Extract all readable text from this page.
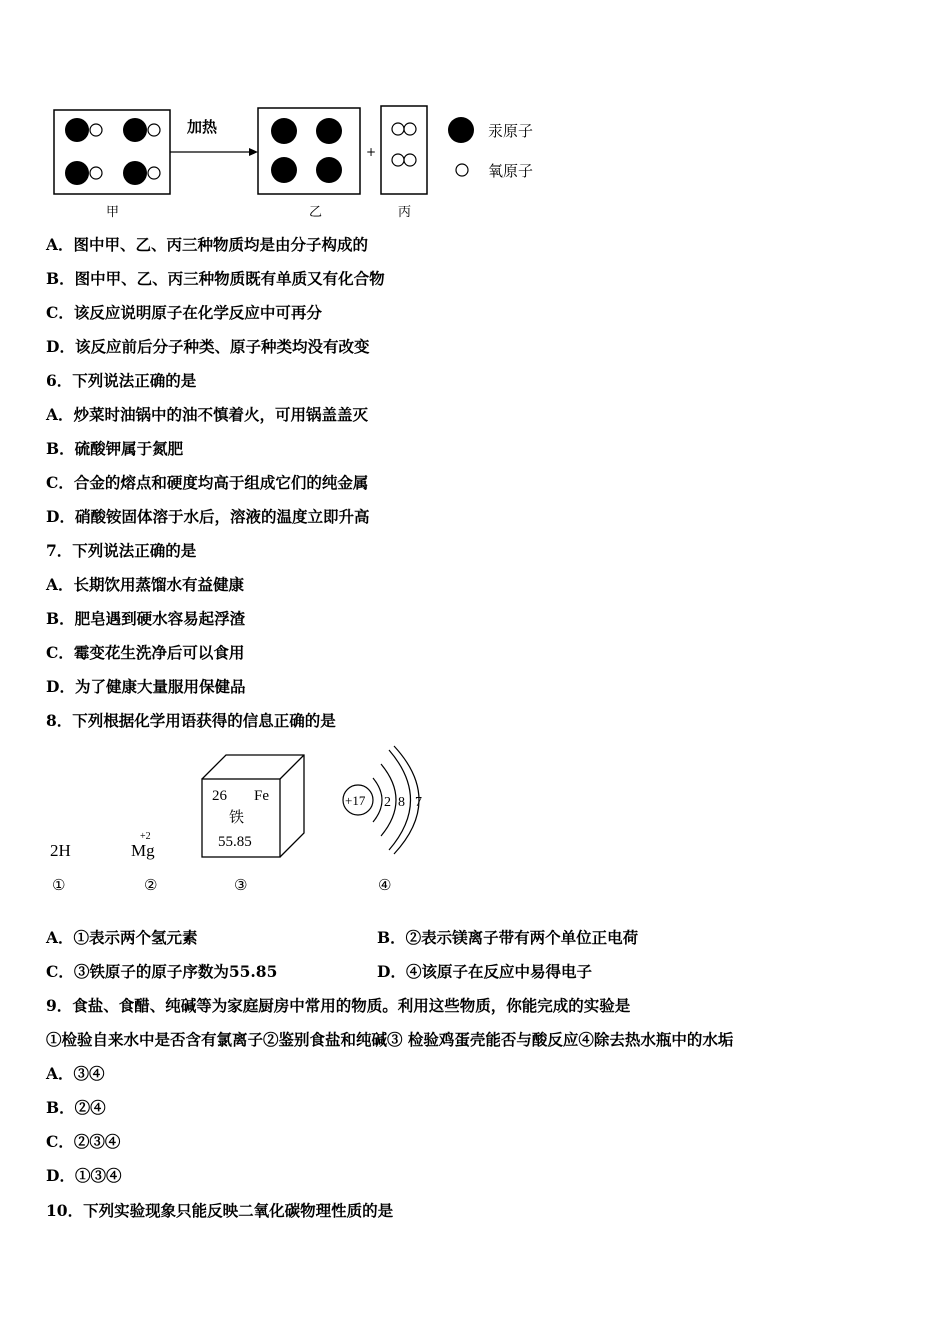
加热
+
汞原子
氧原子
甲	乙	丙
A．图中甲、乙、丙三种物质均是由分子构成的
B．图中甲、乙、丙三种物质既有单质又有化合物
C．该反应说明原子在化学反应中可再分
D．该反应前后分子种类、原子种类均没有改变
6．下列说法正确的是
A．炒菜时油锅中的油不慎着火，可用锅盖盖灭
B．硫酸钾属于氮肥
C．合金的熔点和硬度均高于组成它们的纯金属
D．硝酸铵固体溶于水后，溶液的温度立即升高
7．下列说法正确的是
A．长期饮用蒸馏水有益健康
B．肥皂遇到硬水容易起浮渣
C．霉变花生洗净后可以食用
D．为了健康大量服用保健品
8．下列根据化学用语获得的信息正确的是
2H
+2
Mg
26 Fe
铁
55.85
+17 2 8 7
①	②	③	④
A．①表示两个氢元素	B．②表示镁离子带有两个单位正电荷
C．③铁原子的原子序数为55.85	D．④该原子在反应中易得电子
9．食盐、食醋、纯碱等为家庭厨房中常用的物质。利用这些物质，你能完成的实验是
①检验自来水中是否含有氯离子②鉴别食盐和纯碱③ 检验鸡蛋壳能否与酸反应④除去热水瓶中的水垢
A．③④
B．②④
C．②③④
D．①③④
10．下列实验现象只能反映二氧化碳物理性质的是
